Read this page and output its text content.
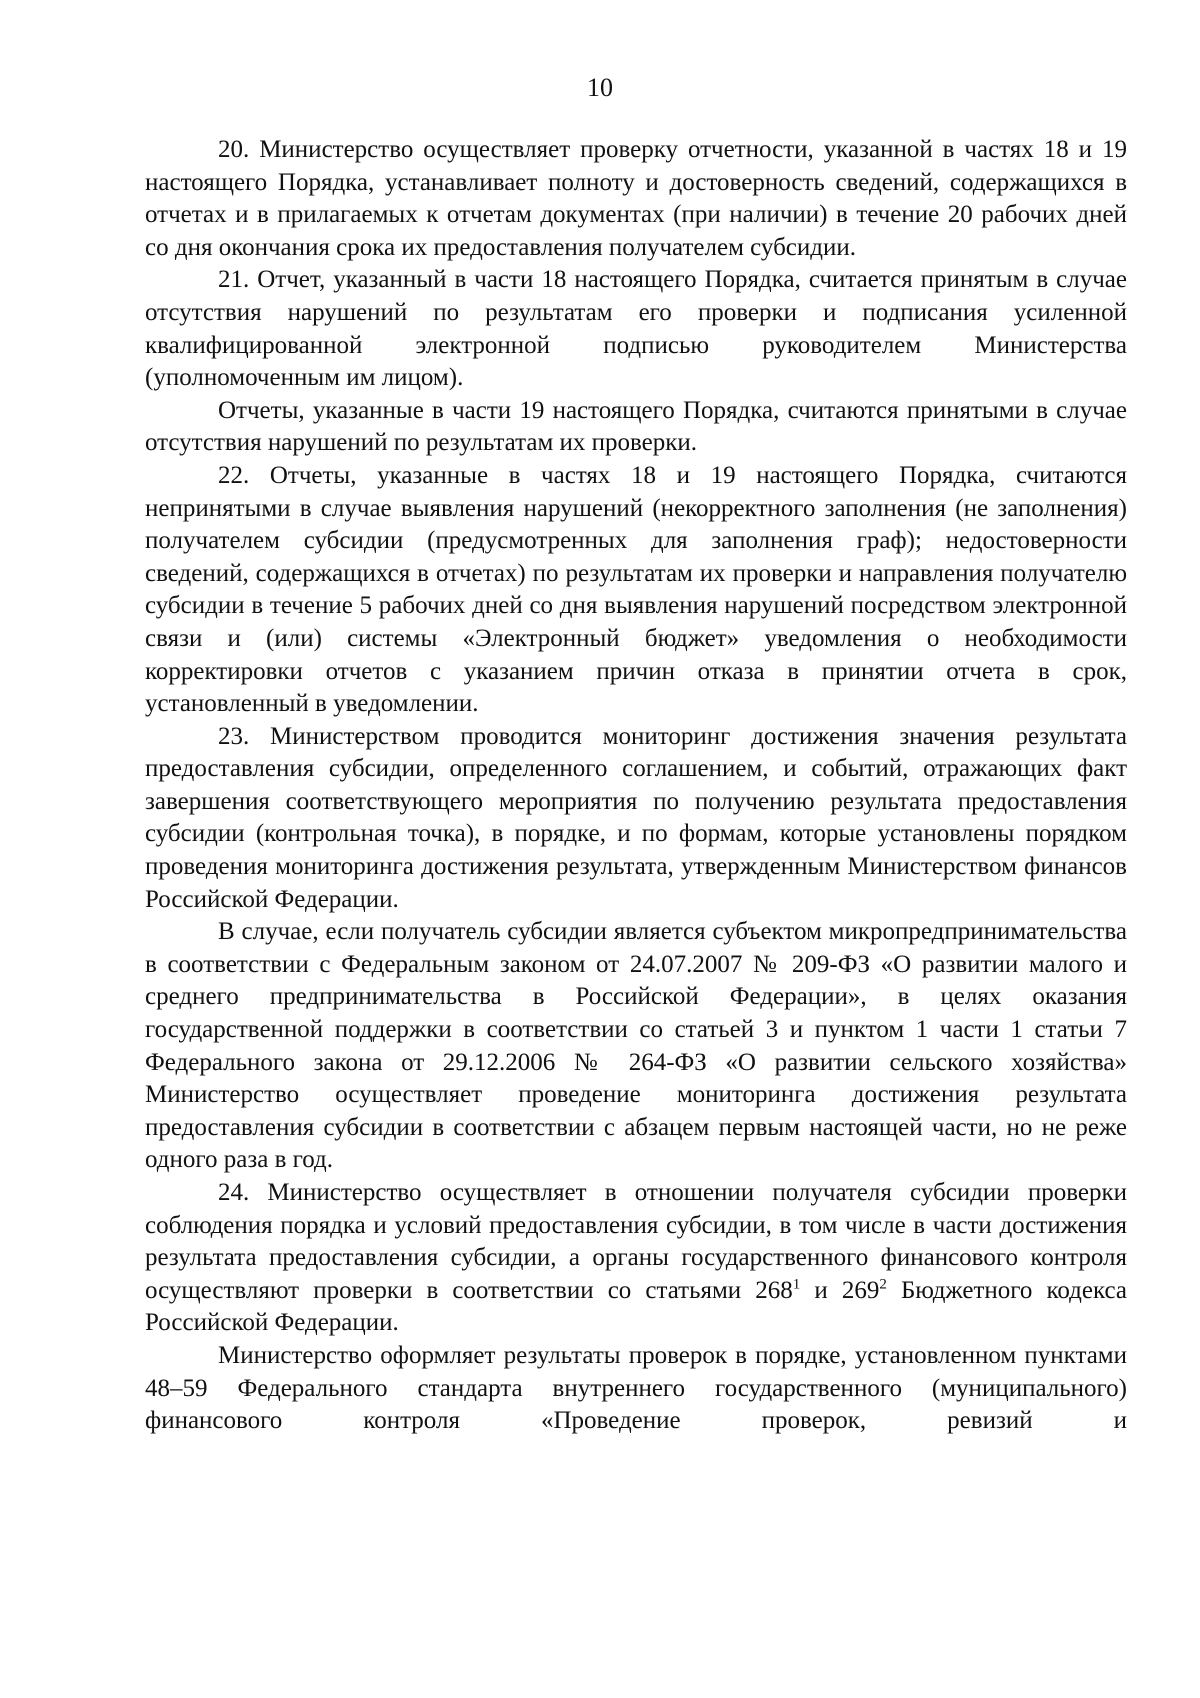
10

20. Министерство осуществляет проверку отчетности, указанной в частях 18 и 19 настоящего Порядка, устанавливает полноту и достоверность сведений, содержащихся в отчетах и в прилагаемых к отчетам документах (при наличии) в течение 20 рабочих дней со дня окончания срока их предоставления получателем субсидии.

21. Отчет, указанный в части 18 настоящего Порядка, считается принятым в случае отсутствия нарушений по результатам его проверки и подписания усиленной квалифицированной электронной подписью руководителем Министерства (уполномоченным им лицом).

Отчеты, указанные в части 19 настоящего Порядка, считаются принятыми в случае отсутствия нарушений по результатам их проверки.

22. Отчеты, указанные в частях 18 и 19 настоящего Порядка, считаются непринятыми в случае выявления нарушений (некорректного заполнения (не заполнения) получателем субсидии (предусмотренных для заполнения граф); недостоверности сведений, содержащихся в отчетах) по результатам их проверки и направления получателю субсидии в течение 5 рабочих дней со дня выявления нарушений посредством электронной связи и (или) системы «Электронный бюджет» уведомления о необходимости корректировки отчетов с указанием причин отказа в принятии отчета в срок, установленный в уведомлении.

23. Министерством проводится мониторинг достижения значения результата предоставления субсидии, определенного соглашением, и событий, отражающих факт завершения соответствующего мероприятия по получению результата предоставления субсидии (контрольная точка), в порядке, и по формам, которые установлены порядком проведения мониторинга достижения результата, утвержденным Министерством финансов Российской Федерации.

В случае, если получатель субсидии является субъектом микропредпринимательства в соответствии с Федеральным законом от 24.07.2007 № 209-ФЗ «О развитии малого и среднего предпринимательства в Российской Федерации», в целях оказания государственной поддержки в соответствии со статьей 3 и пунктом 1 части 1 статьи 7 Федерального закона от 29.12.2006 № 264-ФЗ «О развитии сельского хозяйства» Министерство осуществляет проведение мониторинга достижения результата предоставления субсидии в соответствии с абзацем первым настоящей части, но не реже одного раза в год.

24. Министерство осуществляет в отношении получателя субсидии проверки соблюдения порядка и условий предоставления субсидии, в том числе в части достижения результата предоставления субсидии, а органы государственного финансового контроля осуществляют проверки в соответствии со статьями $268^1$ и $269^2$ Бюджетного кодекса Российской Федерации.

Министерство оформляет результаты проверок в порядке, установленном пунктами 48–59 Федерального стандарта внутреннего государственного (муниципального) финансового контроля «Проведение проверок, ревизий и
